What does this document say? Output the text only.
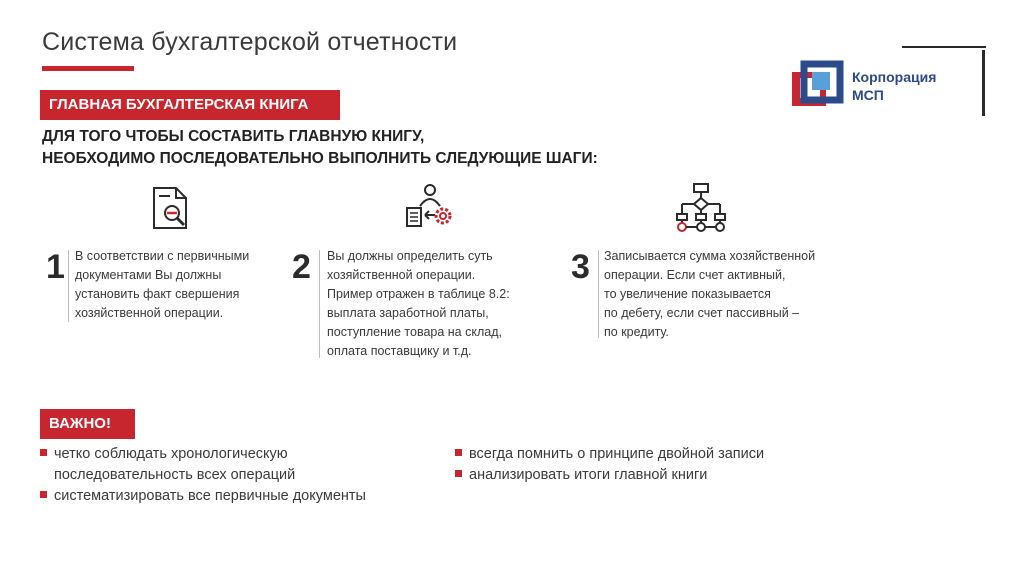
Система бухгалтерской отчетности
Корпорация
МСП
ГЛАВНАЯ БУХГАЛТЕРСКАЯ КНИГА
ДЛЯ ТОГО ЧТОБЫ СОСТАВИТЬ ГЛАВНУЮ КНИГУ,
НЕОБХОДИМО ПОСЛЕДОВАТЕЛЬНО ВЫПОЛНИТЬ СЛЕДУЮЩИЕ ШАГИ:
1 В соответствии с первичными
документами Вы должны
установить факт свершения
хозяйственной операции.
2 Вы должны определить суть
хозяйственной операции.
Пример отражен в таблице 8.2:
выплата заработной платы,
поступление товара на склад,
оплата поставщику и т.д.
3 Записывается сумма хозяйственной
операции. Если счет активный,
то увеличение показывается
по дебету, если счет пассивный –
по кредиту.
ВАЖНО!
четко соблюдать хронологическую
последовательность всех операций
систематизировать все первичные документы
всегда помнить о принципе двойной записи
анализировать итоги главной книги
